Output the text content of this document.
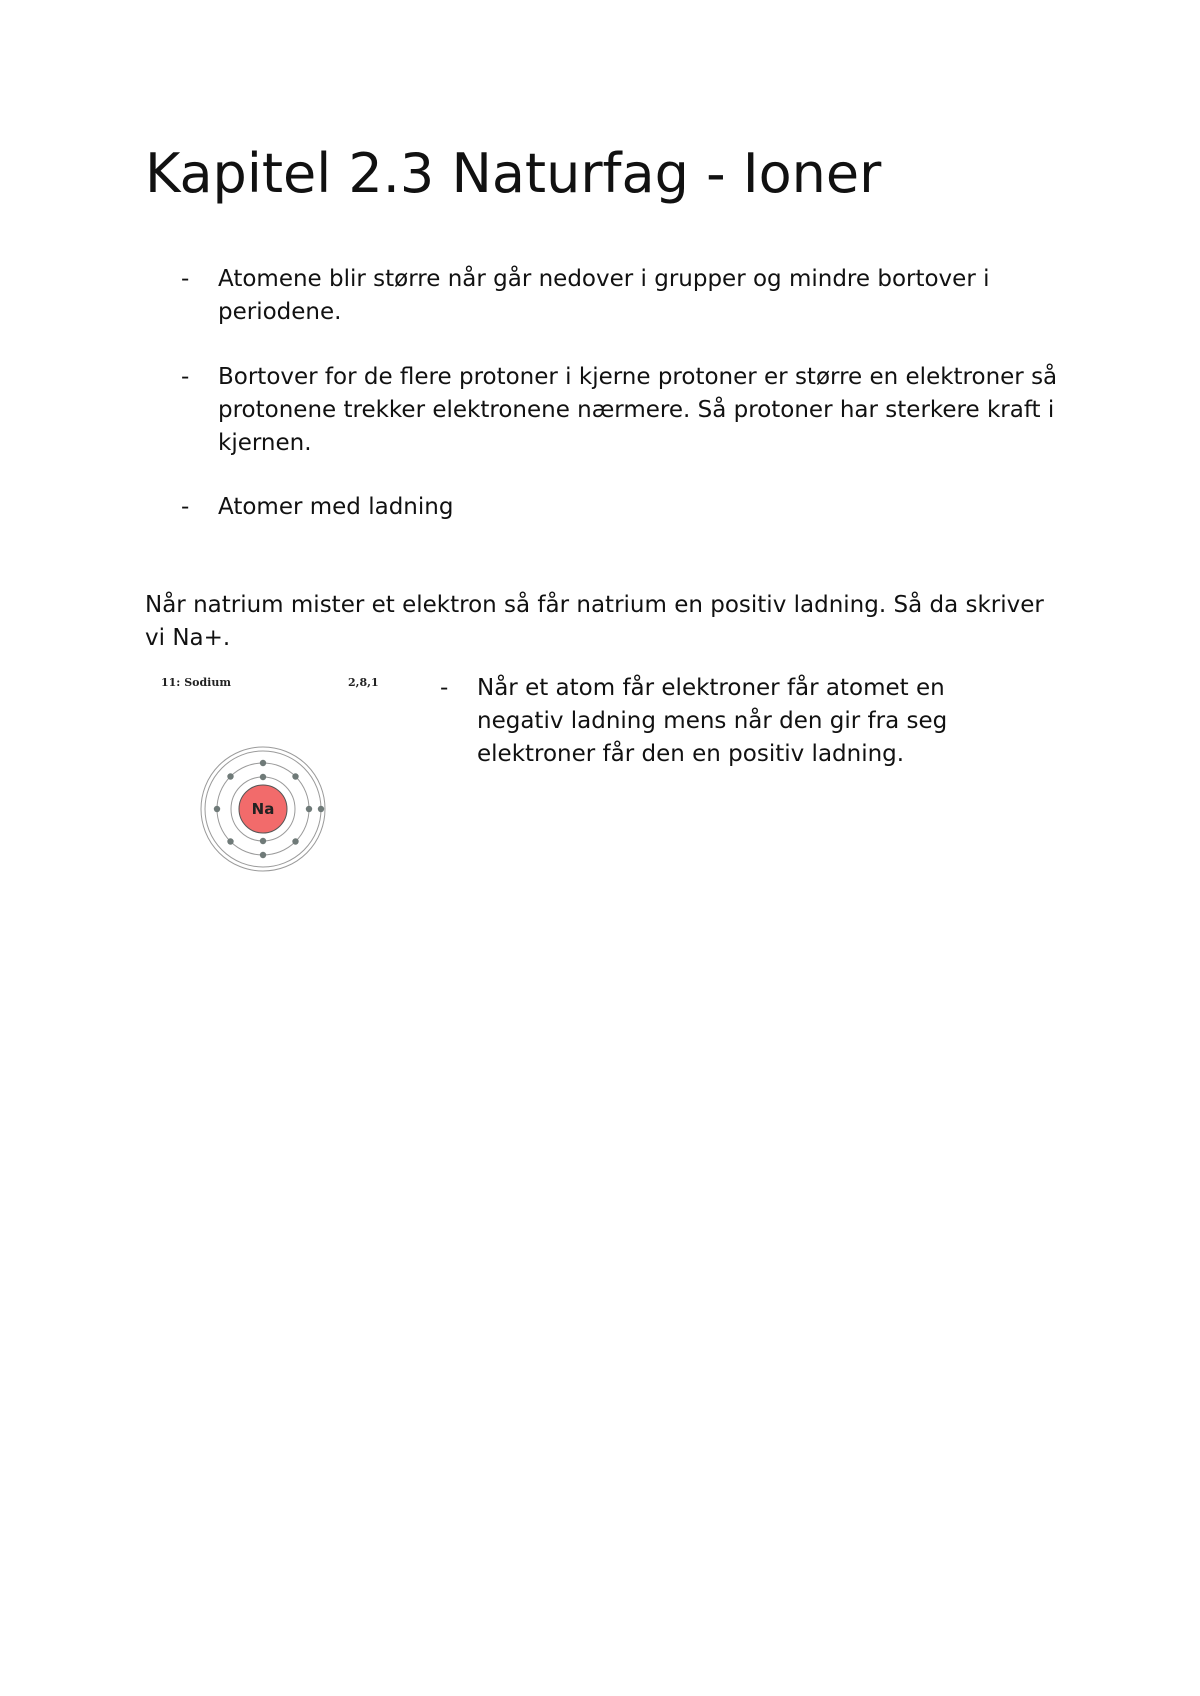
Kapitel 2.3 Naturfag - Ioner
- Atomene blir større når går nedover i grupper og mindre bortover i periodene.
- Bortover for de flere protoner i kjerne protoner er større en elektroner så protonene trekker elektronene nærmere. Så protoner har sterkere kraft i kjernen.
- Atomer med ladning

Når natrium mister et elektron så får natrium en positiv ladning. Så da skriver vi Na+.

Na
11: Sodium	2,8,1	- Når et atom får elektroner får atomet en negativ ladning mens når den gir fra seg elektroner får den en positiv ladning.
